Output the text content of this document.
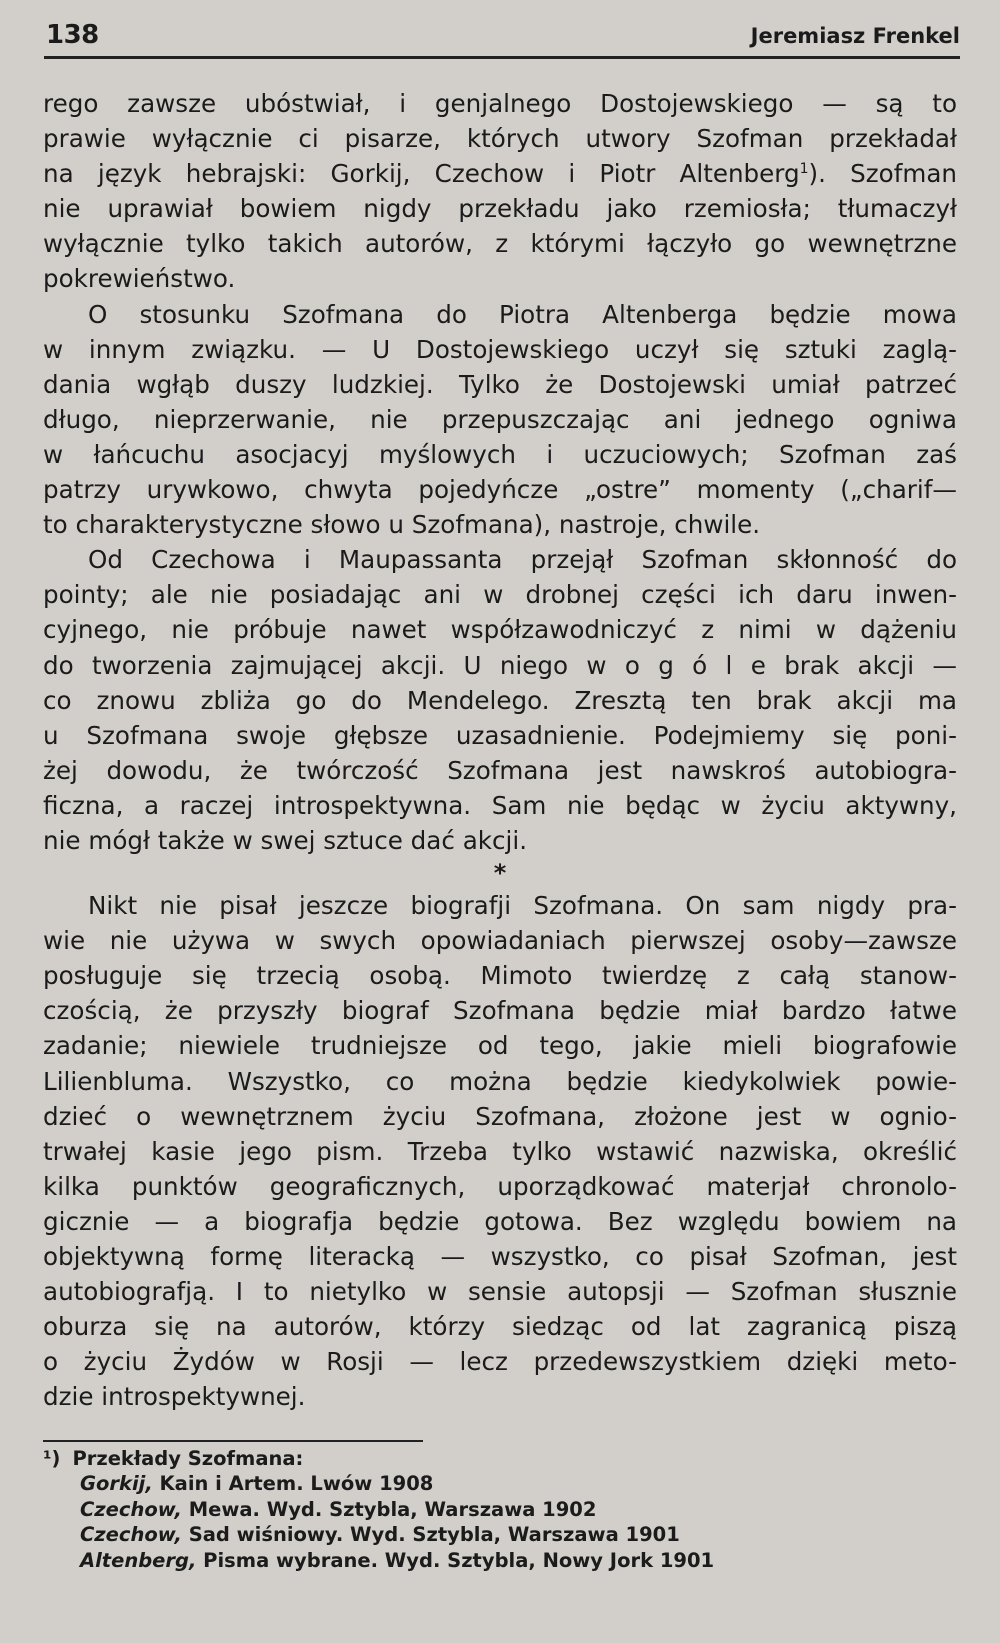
138	Jeremiasz Frenkel
rego zawsze ubóstwiał, i genjalnego Dostojewskiego — są to
prawie wyłącznie ci pisarze, których utwory Szofman przekładał
na język hebrajski: Gorkij, Czechow i Piotr Altenberg$^1$). Szofman
nie uprawiał bowiem nigdy przekładu jako rzemiosła; tłumaczył
wyłącznie tylko takich autorów, z którymi łączyło go wewnętrzne
pokrewieństwo.
O stosunku Szofmana do Piotra Altenberga będzie mowa
w innym związku. — U Dostojewskiego uczył się sztuki zaglą-
dania wgłąb duszy ludzkiej. Tylko że Dostojewski umiał patrzeć
długo, nieprzerwanie, nie przepuszczając ani jednego ogniwa
w łańcuchu asocjacyj myślowych i uczuciowych; Szofman zaś
patrzy urywkowo, chwyta pojedyńcze „ostre” momenty („charif—
to charakterystyczne słowo u Szofmana), nastroje, chwile.
Od Czechowa i Maupassanta przejął Szofman skłonność do
pointy; ale nie posiadając ani w drobnej części ich daru inwen-
cyjnego, nie próbuje nawet współzawodniczyć z nimi w dążeniu
do tworzenia zajmującej akcji. U niego w o g ó l e brak akcji —
co znowu zbliża go do Mendelego. Zresztą ten brak akcji ma
u Szofmana swoje głębsze uzasadnienie. Podejmiemy się poni-
żej dowodu, że twórczość Szofmana jest nawskroś autobiogra-
ficzna, a raczej introspektywna. Sam nie będąc w życiu aktywny,
nie mógł także w swej sztuce dać akcji.
*
Nikt nie pisał jeszcze biografji Szofmana. On sam nigdy pra-
wie nie używa w swych opowiadaniach pierwszej osoby—zawsze
posługuje się trzecią osobą. Mimoto twierdzę z całą stanow-
czością, że przyszły biograf Szofmana będzie miał bardzo łatwe
zadanie; niewiele trudniejsze od tego, jakie mieli biografowie
Lilienbluma. Wszystko, co można będzie kiedykolwiek powie-
dzieć o wewnętrznem życiu Szofmana, złożone jest w ognio-
trwałej kasie jego pism. Trzeba tylko wstawić nazwiska, określić
kilka punktów geograficznych, uporządkować materjał chronolo-
gicznie — a biografja będzie gotowa. Bez względu bowiem na
objektywną formę literacką — wszystko, co pisał Szofman, jest
autobiografją. I to nietylko w sensie autopsji — Szofman słusznie
oburza się na autorów, którzy siedząc od lat zagranicą piszą
o życiu Żydów w Rosji — lecz przedewszystkiem dzięki meto-
dzie introspektywnej.
¹) Przekłady Szofmana:
Gorkij, Kain i Artem. Lwów 1908
Czechow, Mewa. Wyd. Sztybla, Warszawa 1902
Czechow, Sad wiśniowy. Wyd. Sztybla, Warszawa 1901
Altenberg, Pisma wybrane. Wyd. Sztybla, Nowy Jork 1901
